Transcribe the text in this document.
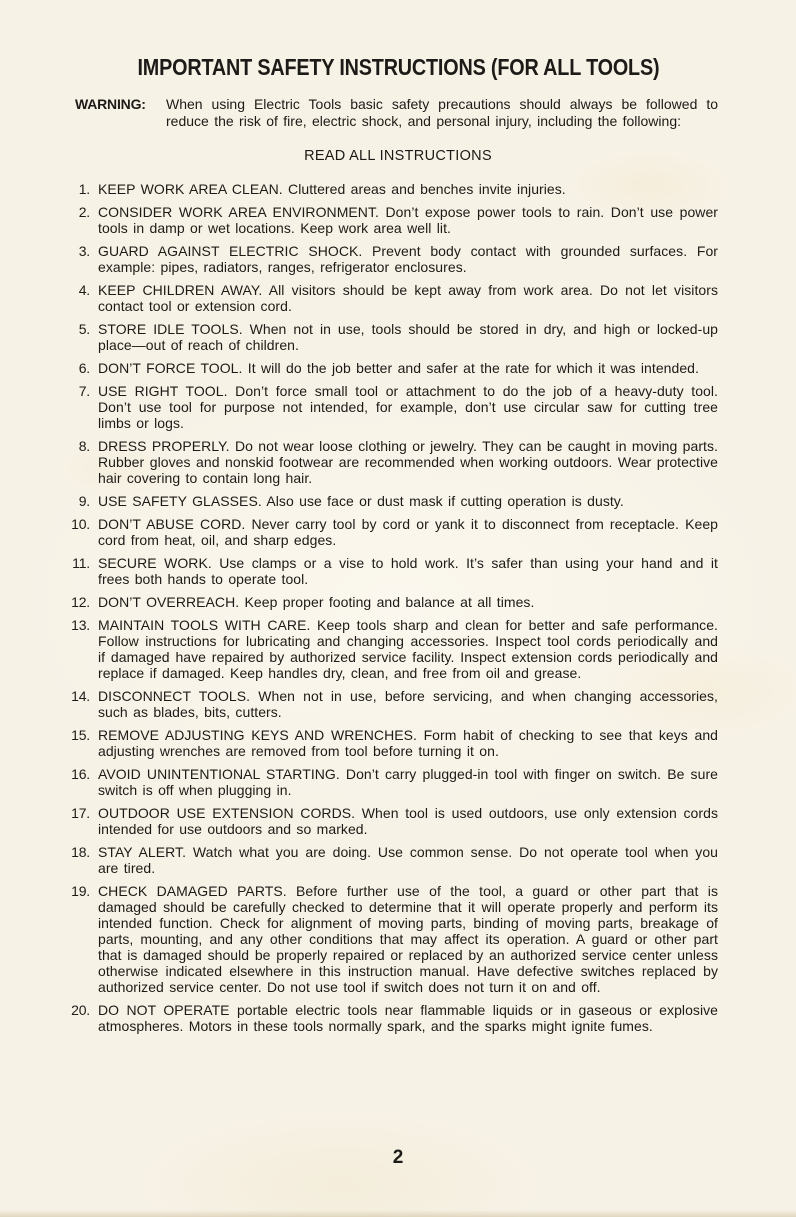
IMPORTANT SAFETY INSTRUCTIONS (FOR ALL TOOLS)
WARNING:	When using Electric Tools basic safety precautions should always be followed to reduce the risk of fire, electric shock, and personal injury, including the following:
READ ALL INSTRUCTIONS
1. KEEP WORK AREA CLEAN. Cluttered areas and benches invite injuries.
2. CONSIDER WORK AREA ENVIRONMENT. Don’t expose power tools to rain. Don’t use power tools in damp or wet locations. Keep work area well lit.
3. GUARD AGAINST ELECTRIC SHOCK. Prevent body contact with grounded surfaces. For example: pipes, radiators, ranges, refrigerator enclosures.
4. KEEP CHILDREN AWAY. All visitors should be kept away from work area. Do not let visitors contact tool or extension cord.
5. STORE IDLE TOOLS. When not in use, tools should be stored in dry, and high or locked-up place—out of reach of children.
6. DON’T FORCE TOOL. It will do the job better and safer at the rate for which it was intended.
7. USE RIGHT TOOL. Don’t force small tool or attachment to do the job of a heavy-duty tool. Don’t use tool for purpose not intended, for example, don’t use circular saw for cutting tree limbs or logs.
8. DRESS PROPERLY. Do not wear loose clothing or jewelry. They can be caught in moving parts. Rubber gloves and nonskid footwear are recommended when working outdoors. Wear protective hair covering to contain long hair.
9. USE SAFETY GLASSES. Also use face or dust mask if cutting operation is dusty.
10. DON’T ABUSE CORD. Never carry tool by cord or yank it to disconnect from receptacle. Keep cord from heat, oil, and sharp edges.
11. SECURE WORK. Use clamps or a vise to hold work. It’s safer than using your hand and it frees both hands to operate tool.
12. DON’T OVERREACH. Keep proper footing and balance at all times.
13. MAINTAIN TOOLS WITH CARE. Keep tools sharp and clean for better and safe performance. Follow instructions for lubricating and changing accessories. Inspect tool cords periodically and if damaged have repaired by authorized service facility. Inspect extension cords periodically and replace if damaged. Keep handles dry, clean, and free from oil and grease.
14. DISCONNECT TOOLS. When not in use, before servicing, and when changing accessories, such as blades, bits, cutters.
15. REMOVE ADJUSTING KEYS AND WRENCHES. Form habit of checking to see that keys and adjusting wrenches are removed from tool before turning it on.
16. AVOID UNINTENTIONAL STARTING. Don’t carry plugged-in tool with finger on switch. Be sure switch is off when plugging in.
17. OUTDOOR USE EXTENSION CORDS. When tool is used outdoors, use only extension cords intended for use outdoors and so marked.
18. STAY ALERT. Watch what you are doing. Use common sense. Do not operate tool when you are tired.
19. CHECK DAMAGED PARTS. Before further use of the tool, a guard or other part that is damaged should be carefully checked to determine that it will operate properly and perform its intended function. Check for alignment of moving parts, binding of moving parts, breakage of parts, mounting, and any other conditions that may affect its operation. A guard or other part that is damaged should be properly repaired or replaced by an authorized service center unless otherwise indicated elsewhere in this instruction manual. Have defective switches replaced by authorized service center. Do not use tool if switch does not turn it on and off.
20. DO NOT OPERATE portable electric tools near flammable liquids or in gaseous or explosive atmospheres. Motors in these tools normally spark, and the sparks might ignite fumes.
2
